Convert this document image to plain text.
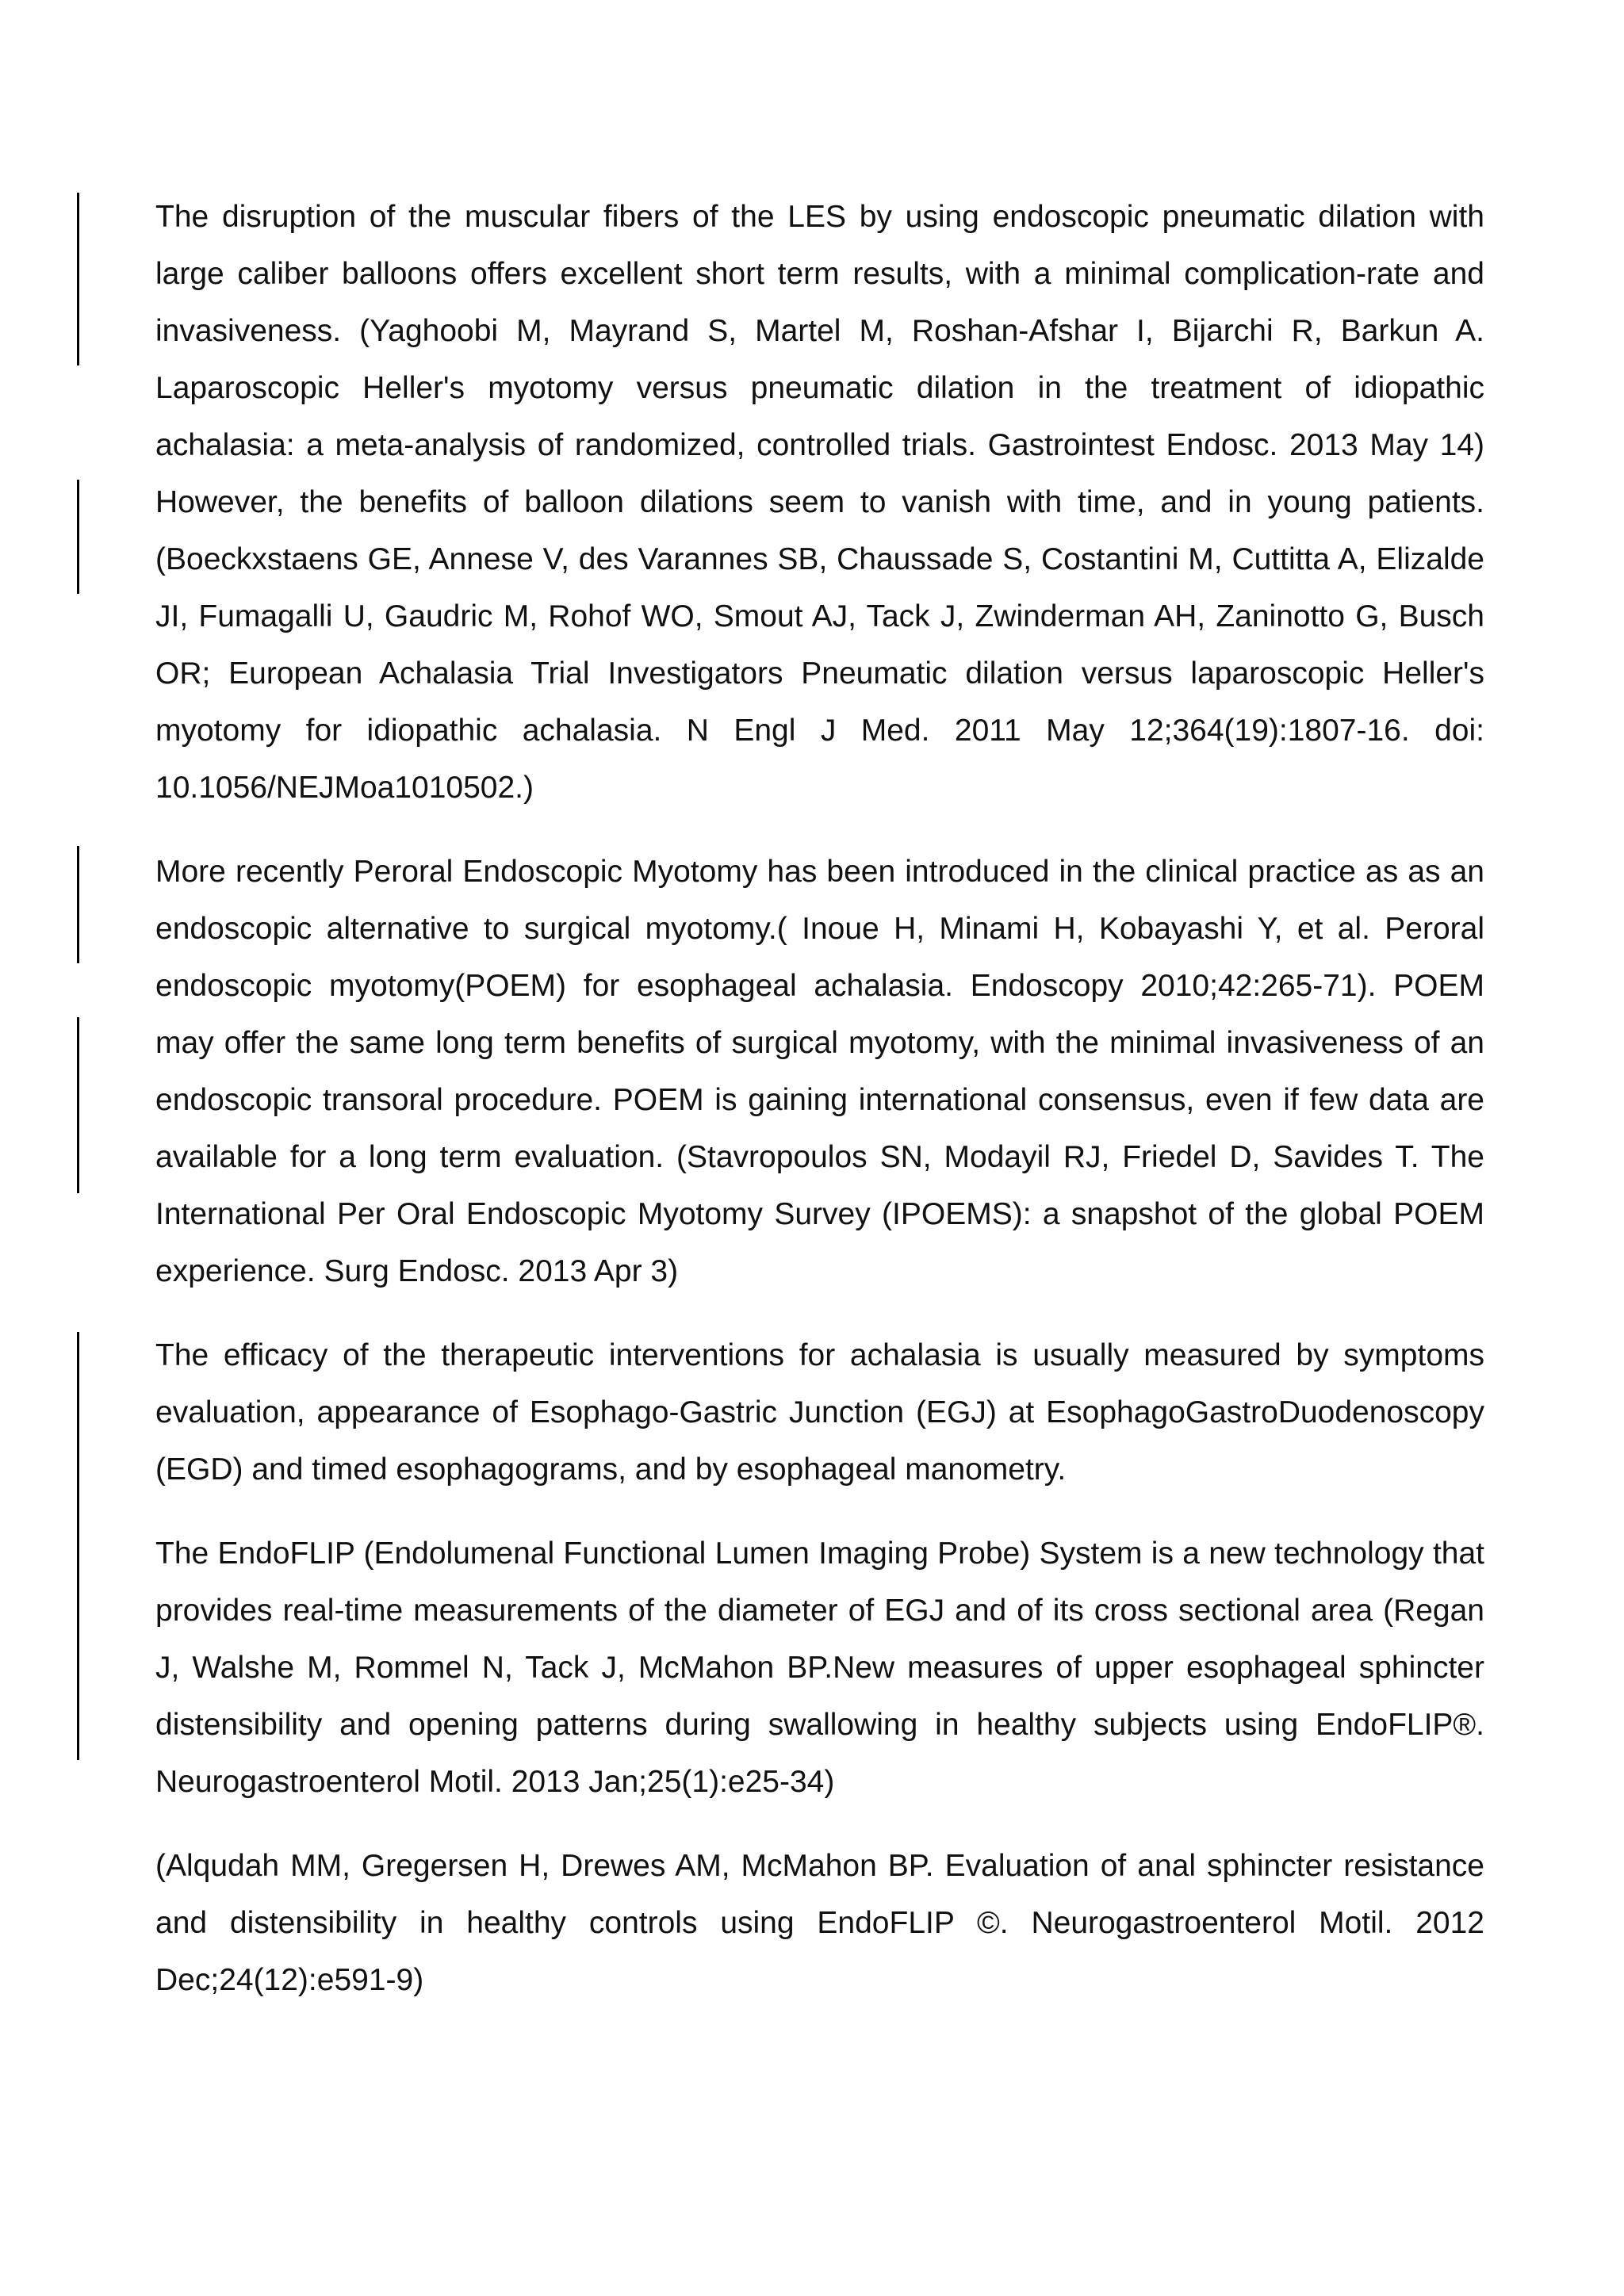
The disruption of the muscular fibers of the LES by using endoscopic pneumatic dilation with large caliber balloons offers excellent short term results, with a minimal complication-rate and invasiveness. (Yaghoobi M, Mayrand S, Martel M, Roshan-Afshar I, Bijarchi R, Barkun A. Laparoscopic Heller's myotomy versus pneumatic dilation in the treatment of idiopathic achalasia: a meta-analysis of randomized, controlled trials. Gastrointest Endosc. 2013 May 14) However, the benefits of balloon dilations seem to vanish with time, and in young patients. (Boeckxstaens GE, Annese V, des Varannes SB, Chaussade S, Costantini M, Cuttitta A, Elizalde JI, Fumagalli U, Gaudric M, Rohof WO, Smout AJ, Tack J, Zwinderman AH, Zaninotto G, Busch OR; European Achalasia Trial Investigators Pneumatic dilation versus laparoscopic Heller's myotomy for idiopathic achalasia. N Engl J Med. 2011 May 12;364(19):1807-16. doi: 10.1056/NEJMoa1010502.)

More recently Peroral Endoscopic Myotomy has been introduced in the clinical practice as as an endoscopic alternative to surgical myotomy.( Inoue H, Minami H, Kobayashi Y, et al. Peroral endoscopic myotomy(POEM) for esophageal achalasia. Endoscopy 2010;42:265-71). POEM may offer the same long term benefits of surgical myotomy, with the minimal invasiveness of an endoscopic transoral procedure. POEM is gaining international consensus, even if few data are available for a long term evaluation. (Stavropoulos SN, Modayil RJ, Friedel D, Savides T. The International Per Oral Endoscopic Myotomy Survey (IPOEMS): a snapshot of the global POEM experience. Surg Endosc. 2013 Apr 3)

The efficacy of the therapeutic interventions for achalasia is usually measured by symptoms evaluation, appearance of Esophago-Gastric Junction (EGJ) at EsophagoGastroDuodenoscopy (EGD) and timed esophagograms, and by esophageal manometry.

The EndoFLIP (Endolumenal Functional Lumen Imaging Probe) System is a new technology that provides real-time measurements of the diameter of EGJ and of its cross sectional area (Regan J, Walshe M, Rommel N, Tack J, McMahon BP.New measures of upper esophageal sphincter distensibility and opening patterns during swallowing in healthy subjects using EndoFLIP®. Neurogastroenterol Motil. 2013 Jan;25(1):e25-34)

(Alqudah MM, Gregersen H, Drewes AM, McMahon BP. Evaluation of anal sphincter resistance and distensibility in healthy controls using EndoFLIP ©. Neurogastroenterol Motil. 2012 Dec;24(12):e591-9)
